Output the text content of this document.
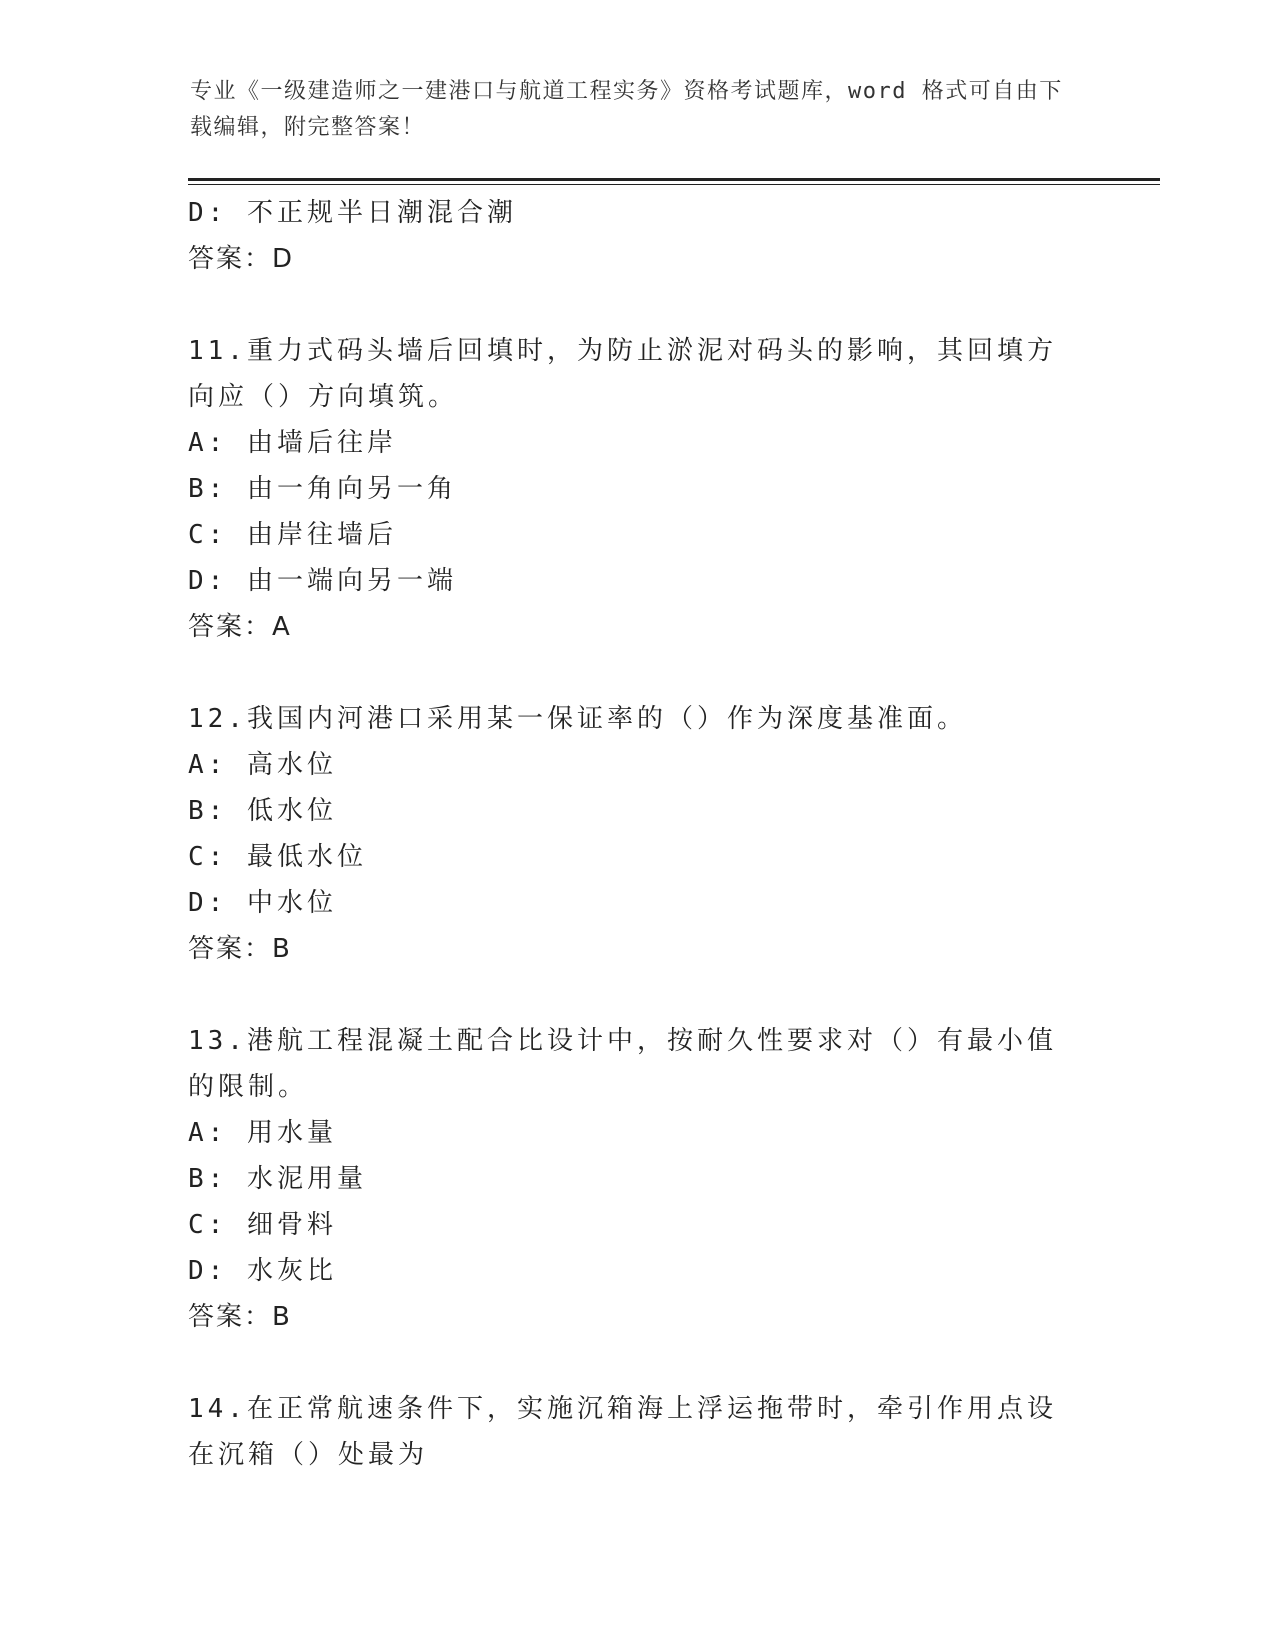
专业《一级建造师之一建港口与航道工程实务》资格考试题库，word 格式可自由下载编辑，附完整答案！
D: 不正规半日潮混合潮
答案：D
11.重力式码头墙后回填时，为防止淤泥对码头的影响，其回填方向应（）方向填筑。
A: 由墙后往岸
B: 由一角向另一角
C: 由岸往墙后
D: 由一端向另一端
答案：A
12.我国内河港口采用某一保证率的（）作为深度基准面。
A: 高水位
B: 低水位
C: 最低水位
D: 中水位
答案：B
13.港航工程混凝土配合比设计中，按耐久性要求对（）有最小值的限制。
A: 用水量
B: 水泥用量
C: 细骨料
D: 水灰比
答案：B
14.在正常航速条件下，实施沉箱海上浮运拖带时，牵引作用点设在沉箱（）处最为
